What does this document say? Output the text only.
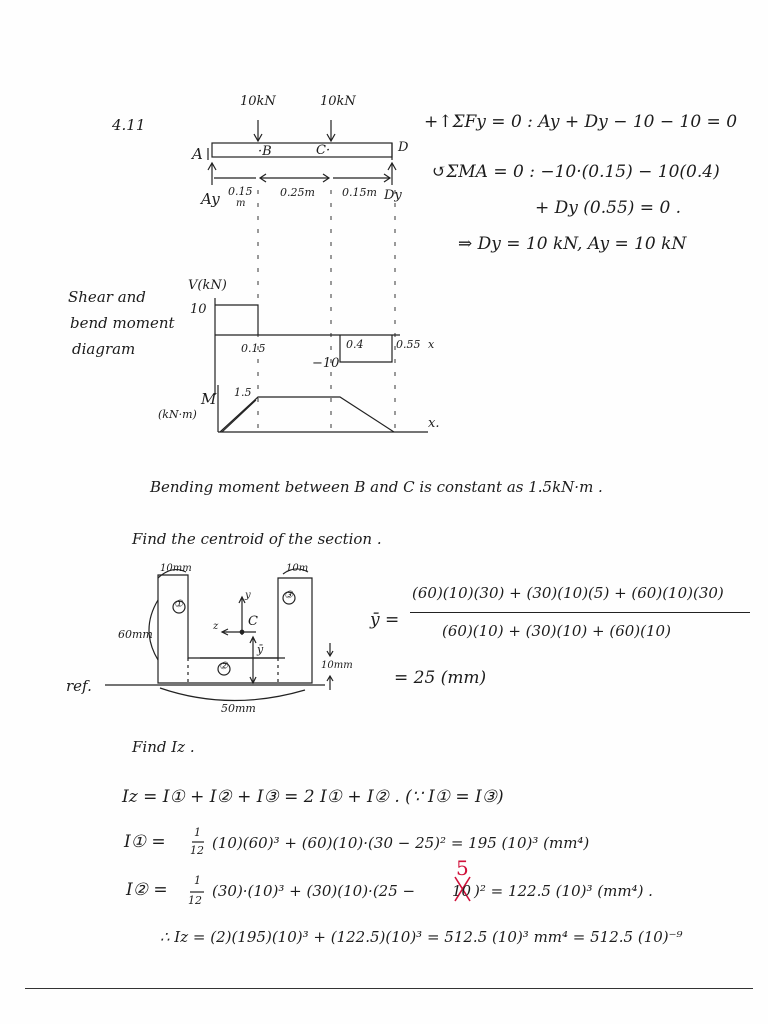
4.11
10kN	10kN
A	·B	C·	D
Ay 0.15
m
0.25m 0.15m Dy
+↑ΣFy = 0 : Ay + Dy − 10 − 10 = 0
↺ΣMA = 0 : −10·(0.15) − 10(0.4)
+ Dy (0.55) = 0 .
⇒ Dy = 10 kN, Ay = 10 kN
Shear and
bend moment
diagram
V(kN)
10
0.15	0.4	0.55 x
−10
M
(kN·m)
1.5
x.
Bending moment between B and C is constant as 1.5kN·m .
Find the centroid of the section .
10mm	10m
60mm
10mm
50mm
ref.
①
②
③
C
y
z
ȳ
ȳ =
(60)(10)(30) + (30)(10)(5) + (60)(10)(30)
(60)(10) + (30)(10) + (60)(10)
= 25 (mm)
Find Iz .
Iz = I① + I② + I③ = 2 I① + I② . (∵ I① = I③)
I① =	1
12 (10)(60)³ + (60)(10)·(30 − 25)² = 195 (10)³ (mm⁴)
I② = 1
12
(30)·(10)³ + (30)(10)·(25 − 10
5
)² = 122.5 (10)³ (mm⁴) .
∴ Iz = (2)(195)(10)³ + (122.5)(10)³ = 512.5 (10)³ mm⁴ = 512.5 (10)⁻⁹
